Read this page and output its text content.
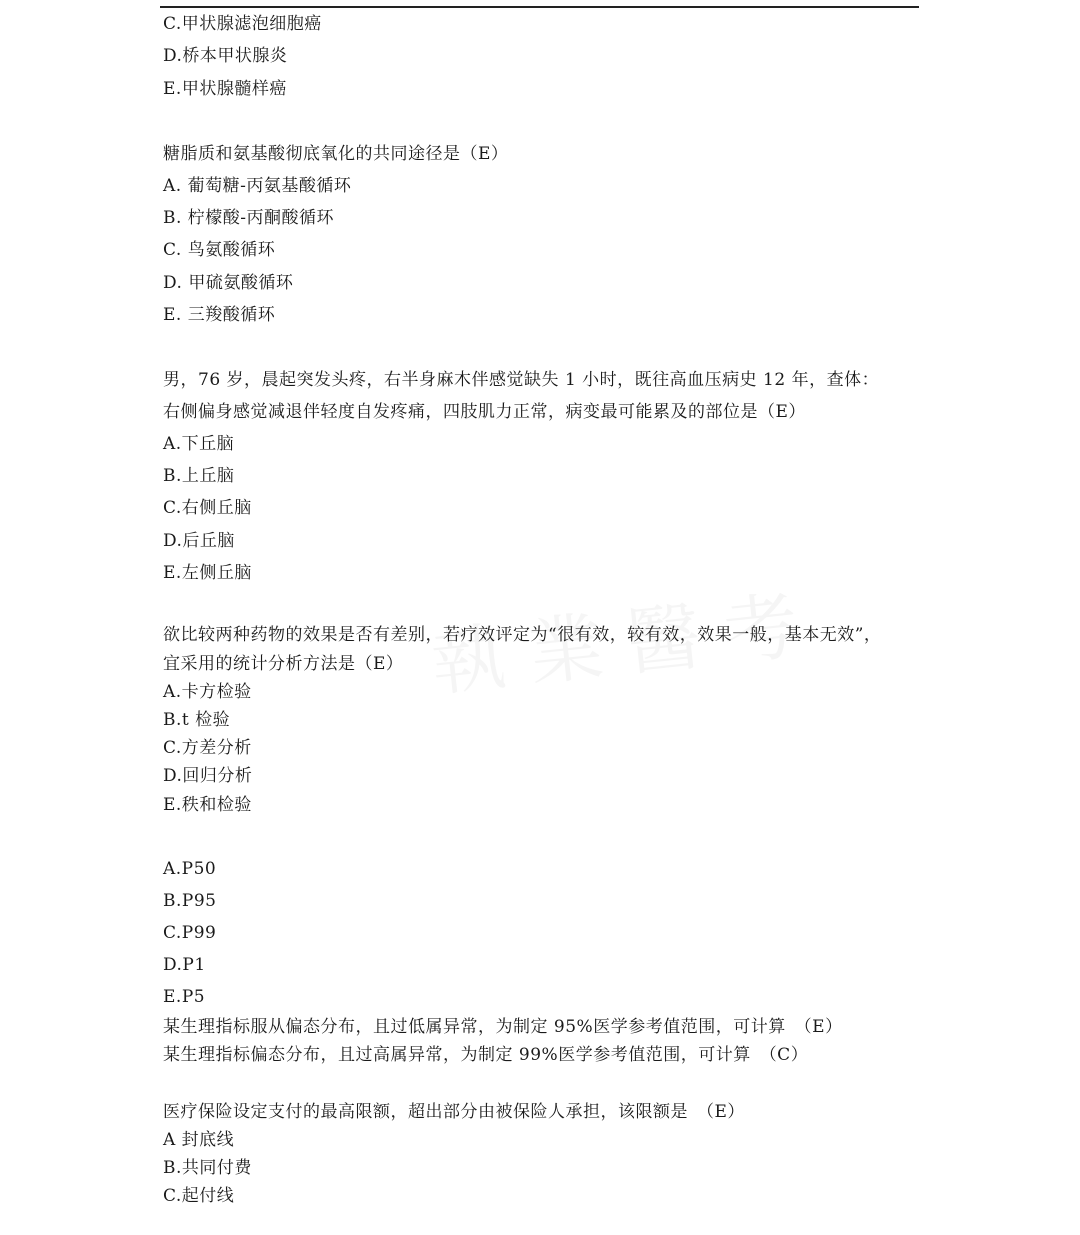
C.甲状腺滤泡细胞癌
D.桥本甲状腺炎
E.甲状腺髓样癌
糖脂质和氨基酸彻底氧化的共同途径是（E）
A. 葡萄糖-丙氨基酸循环
B. 柠檬酸-丙酮酸循环
C. 鸟氨酸循环
D. 甲硫氨酸循环
E. 三羧酸循环
男，76 岁，晨起突发头疼，右半身麻木伴感觉缺失 1 小时，既往高血压病史 12 年，查体：
右侧偏身感觉减退伴轻度自发疼痛，四肢肌力正常，病变最可能累及的部位是（E）
A.下丘脑
B.上丘脑
C.右侧丘脑
D.后丘脑
E.左侧丘脑
欲比较两种药物的效果是否有差别，若疗效评定为“很有效，较有效，效果一般，基本无效”，
宜采用的统计分析方法是（E）
A.卡方检验
B.t 检验
C.方差分析
D.回归分析
E.秩和检验
A.P50
B.P95
C.P99
D.P1
E.P5
某生理指标服从偏态分布，且过低属异常，为制定 95%医学参考值范围，可计算　（E）
某生理指标偏态分布，且过高属异常，为制定 99%医学参考值范围，可计算　（C）
医疗保险设定支付的最高限额，超出部分由被保险人承担，该限额是　（E）
A 封底线
B.共同付费
C.起付线
